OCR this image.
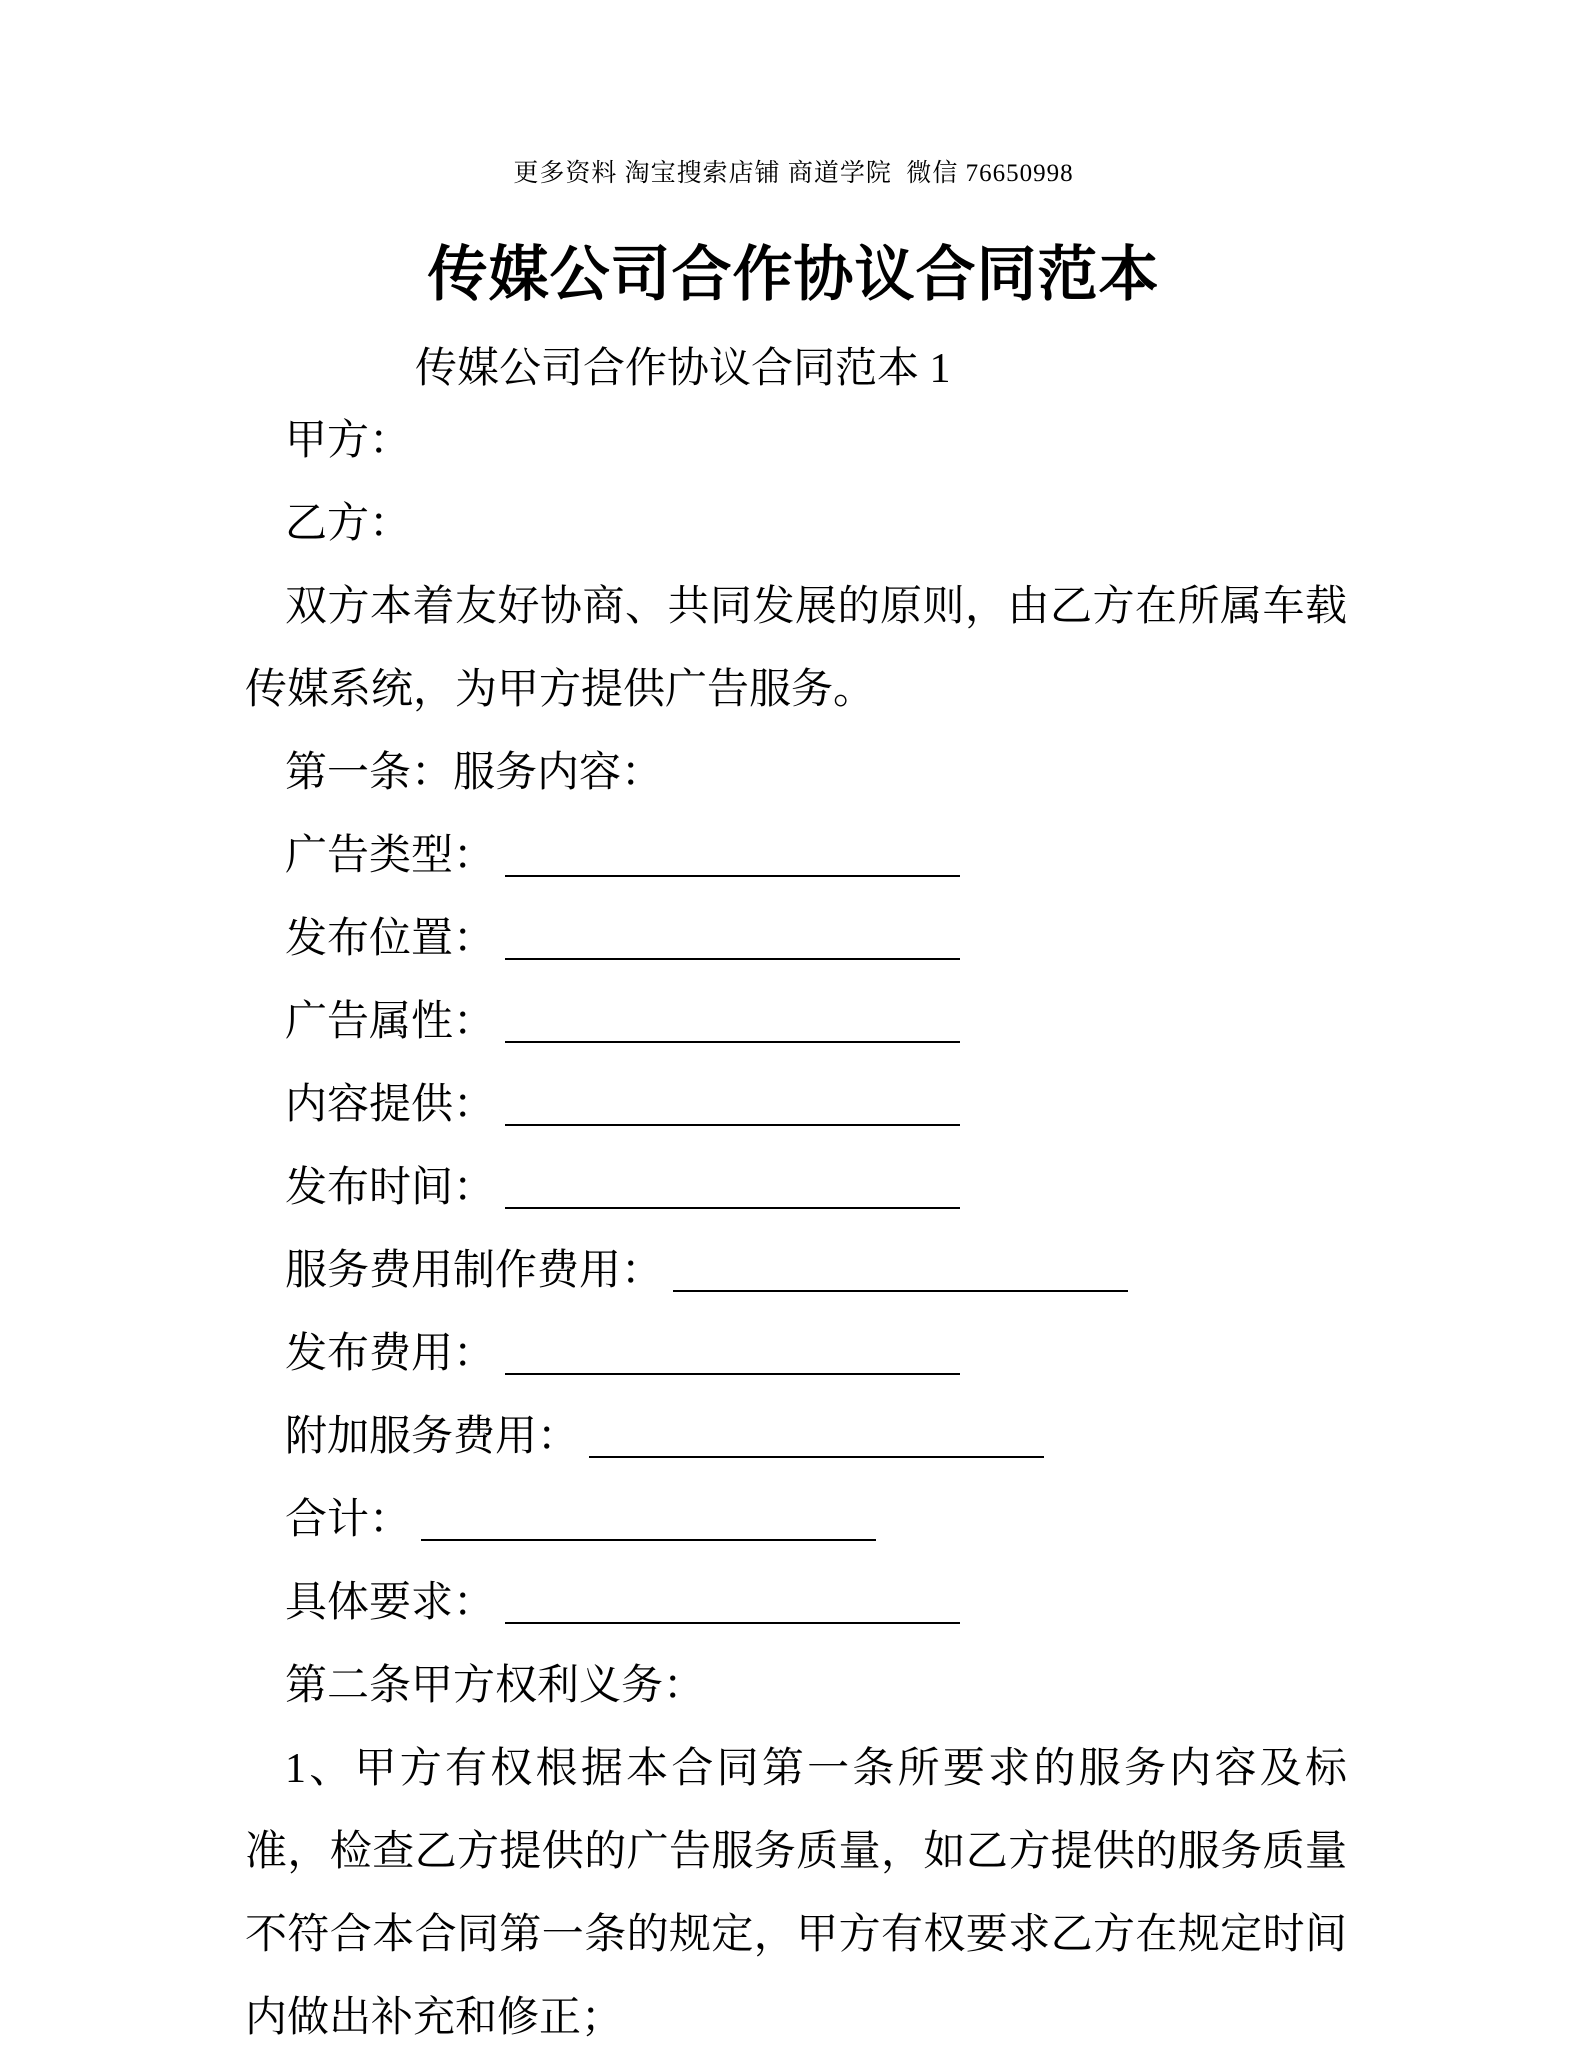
更多资料 淘宝搜索店铺 商道学院  微信 76650998
传媒公司合作协议合同范本
传媒公司合作协议合同范本 1

甲方：

乙方：

双方本着友好协商、共同发展的原则，由乙方在所属车载传媒系统，为甲方提供广告服务。

第一条：服务内容：

广告类型：

发布位置：

广告属性：

内容提供：

发布时间：

服务费用制作费用：

发布费用：

附加服务费用：

合计：

具体要求：

第二条甲方权利义务：

1、甲方有权根据本合同第一条所要求的服务内容及标准，检查乙方提供的广告服务质量，如乙方提供的服务质量不符合本合同第一条的规定，甲方有权要求乙方在规定时间内做出补充和修正；
